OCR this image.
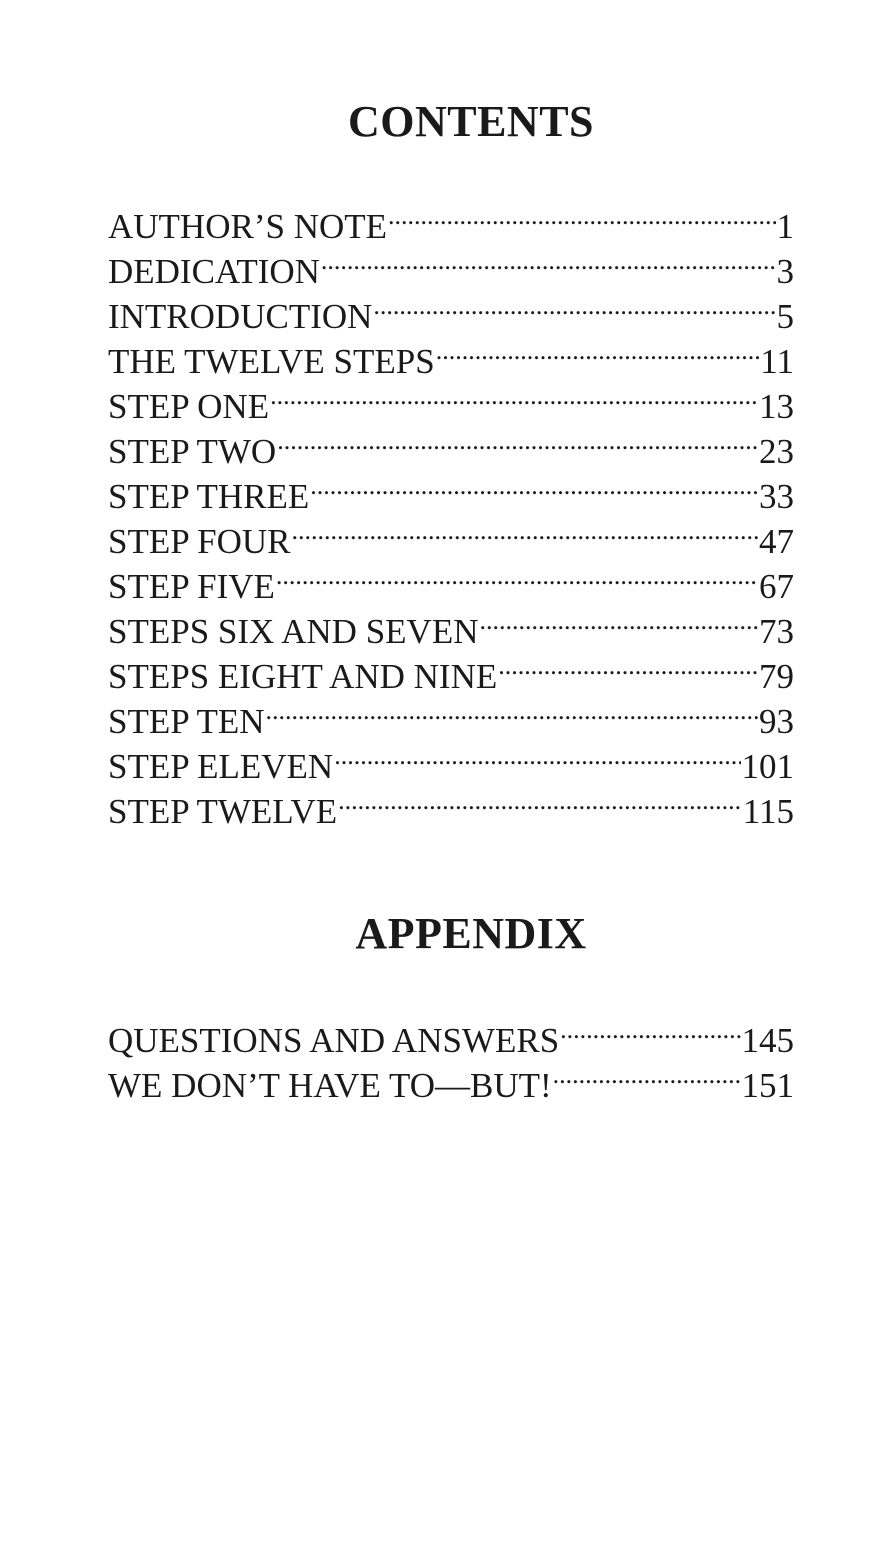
CONTENTS
AUTHOR’S NOTE .....	1
DEDICATION .....	3
INTRODUCTION .....	5
THE TWELVE STEPS .....	11
STEP ONE .....	13
STEP TWO .....	23
STEP THREE .....	33
STEP FOUR .....	47
STEP FIVE .....	67
STEPS SIX AND SEVEN .....	73
STEPS EIGHT AND NINE .....	79
STEP TEN .....	93
STEP ELEVEN .....	101
STEP TWELVE .....	115
APPENDIX
QUESTIONS AND ANSWERS .....	145
WE DON’T HAVE TO—BUT! .....	151
